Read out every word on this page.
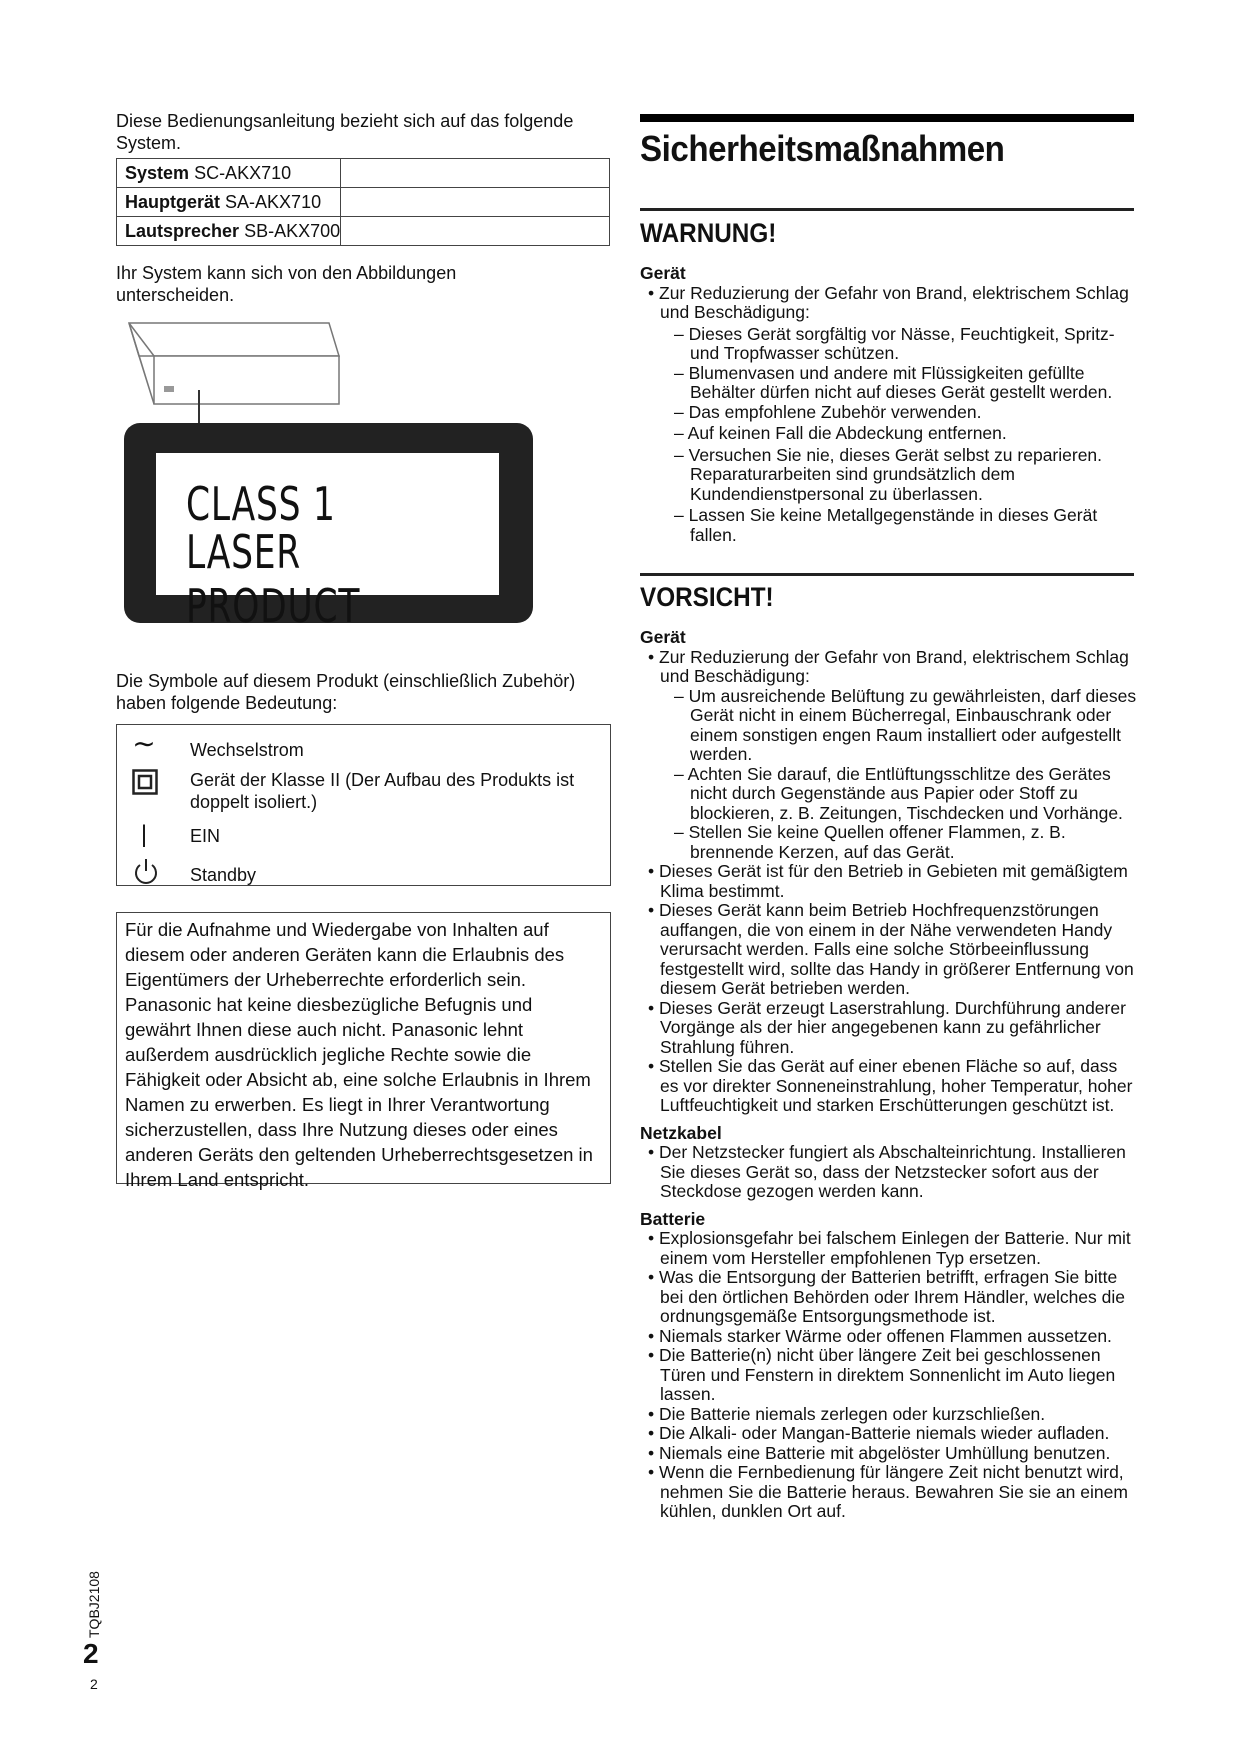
Diese Bedienungsanleitung bezieht sich auf das folgende System.
System SC-AKX710	
Hauptgerät SA-AKX710	
Lautsprecher SB-AKX700	
Ihr System kann sich von den Abbildungen unterscheiden.
CLASS 1
LASER PRODUCT
Die Symbole auf diesem Produkt (einschließlich Zubehör) haben folgende Bedeutung:
∼ Wechselstrom
Gerät der Klasse II (Der Aufbau des Produkts ist doppelt isoliert.)
|	EIN
Standby

Für die Aufnahme und Wiedergabe von Inhalten auf diesem oder anderen Geräten kann die Erlaubnis des Eigentümers der Urheberrechte erforderlich sein. Panasonic hat keine diesbezügliche Befugnis und gewährt Ihnen diese auch nicht. Panasonic lehnt außerdem ausdrücklich jegliche Rechte sowie die Fähigkeit oder Absicht ab, eine solche Erlaubnis in Ihrem Namen zu erwerben. Es liegt in Ihrer Verantwortung sicherzustellen, dass Ihre Nutzung dieses oder eines anderen Geräts den geltenden Urheberrechtsgesetzen in Ihrem Land entspricht.

TQBJ2108
2
2
Sicherheitsmaßnahmen
WARNUNG!

Gerät

• Zur Reduzierung der Gefahr von Brand, elektrischem Schlag und Beschädigung:
– Dieses Gerät sorgfältig vor Nässe, Feuchtigkeit, Spritz- und Tropfwasser schützen.
– Blumenvasen und andere mit Flüssigkeiten gefüllte Behälter dürfen nicht auf dieses Gerät gestellt werden.
– Das empfohlene Zubehör verwenden.
– Auf keinen Fall die Abdeckung entfernen.
– Versuchen Sie nie, dieses Gerät selbst zu reparieren. Reparaturarbeiten sind grundsätzlich dem Kundendienstpersonal zu überlassen.
– Lassen Sie keine Metallgegenstände in dieses Gerät fallen.
VORSICHT!

Gerät

• Zur Reduzierung der Gefahr von Brand, elektrischem Schlag und Beschädigung:
– Um ausreichende Belüftung zu gewährleisten, darf dieses Gerät nicht in einem Bücherregal, Einbauschrank oder einem sonstigen engen Raum installiert oder aufgestellt werden.
– Achten Sie darauf, die Entlüftungsschlitze des Gerätes nicht durch Gegenstände aus Papier oder Stoff zu blockieren, z. B. Zeitungen, Tischdecken und Vorhänge.
– Stellen Sie keine Quellen offener Flammen, z. B. brennende Kerzen, auf das Gerät.
• Dieses Gerät ist für den Betrieb in Gebieten mit gemäßigtem Klima bestimmt.
• Dieses Gerät kann beim Betrieb Hochfrequenzstörungen auffangen, die von einem in der Nähe verwendeten Handy verursacht werden. Falls eine solche Störbeeinflussung festgestellt wird, sollte das Handy in größerer Entfernung von diesem Gerät betrieben werden.
• Dieses Gerät erzeugt Laserstrahlung. Durchführung anderer Vorgänge als der hier angegebenen kann zu gefährlicher Strahlung führen.
• Stellen Sie das Gerät auf einer ebenen Fläche so auf, dass es vor direkter Sonneneinstrahlung, hoher Temperatur, hoher Luftfeuchtigkeit und starken Erschütterungen geschützt ist.

Netzkabel

• Der Netzstecker fungiert als Abschalteinrichtung. Installieren Sie dieses Gerät so, dass der Netzstecker sofort aus der Steckdose gezogen werden kann.

Batterie

• Explosionsgefahr bei falschem Einlegen der Batterie. Nur mit einem vom Hersteller empfohlenen Typ ersetzen.
• Was die Entsorgung der Batterien betrifft, erfragen Sie bitte bei den örtlichen Behörden oder Ihrem Händler, welches die ordnungsgemäße Entsorgungsmethode ist.
• Niemals starker Wärme oder offenen Flammen aussetzen.
• Die Batterie(n) nicht über längere Zeit bei geschlossenen Türen und Fenstern in direktem Sonnenlicht im Auto liegen lassen.
• Die Batterie niemals zerlegen oder kurzschließen.
• Die Alkali- oder Mangan-Batterie niemals wieder aufladen.
• Niemals eine Batterie mit abgelöster Umhüllung benutzen.
• Wenn die Fernbedienung für längere Zeit nicht benutzt wird, nehmen Sie die Batterie heraus. Bewahren Sie sie an einem kühlen, dunklen Ort auf.
